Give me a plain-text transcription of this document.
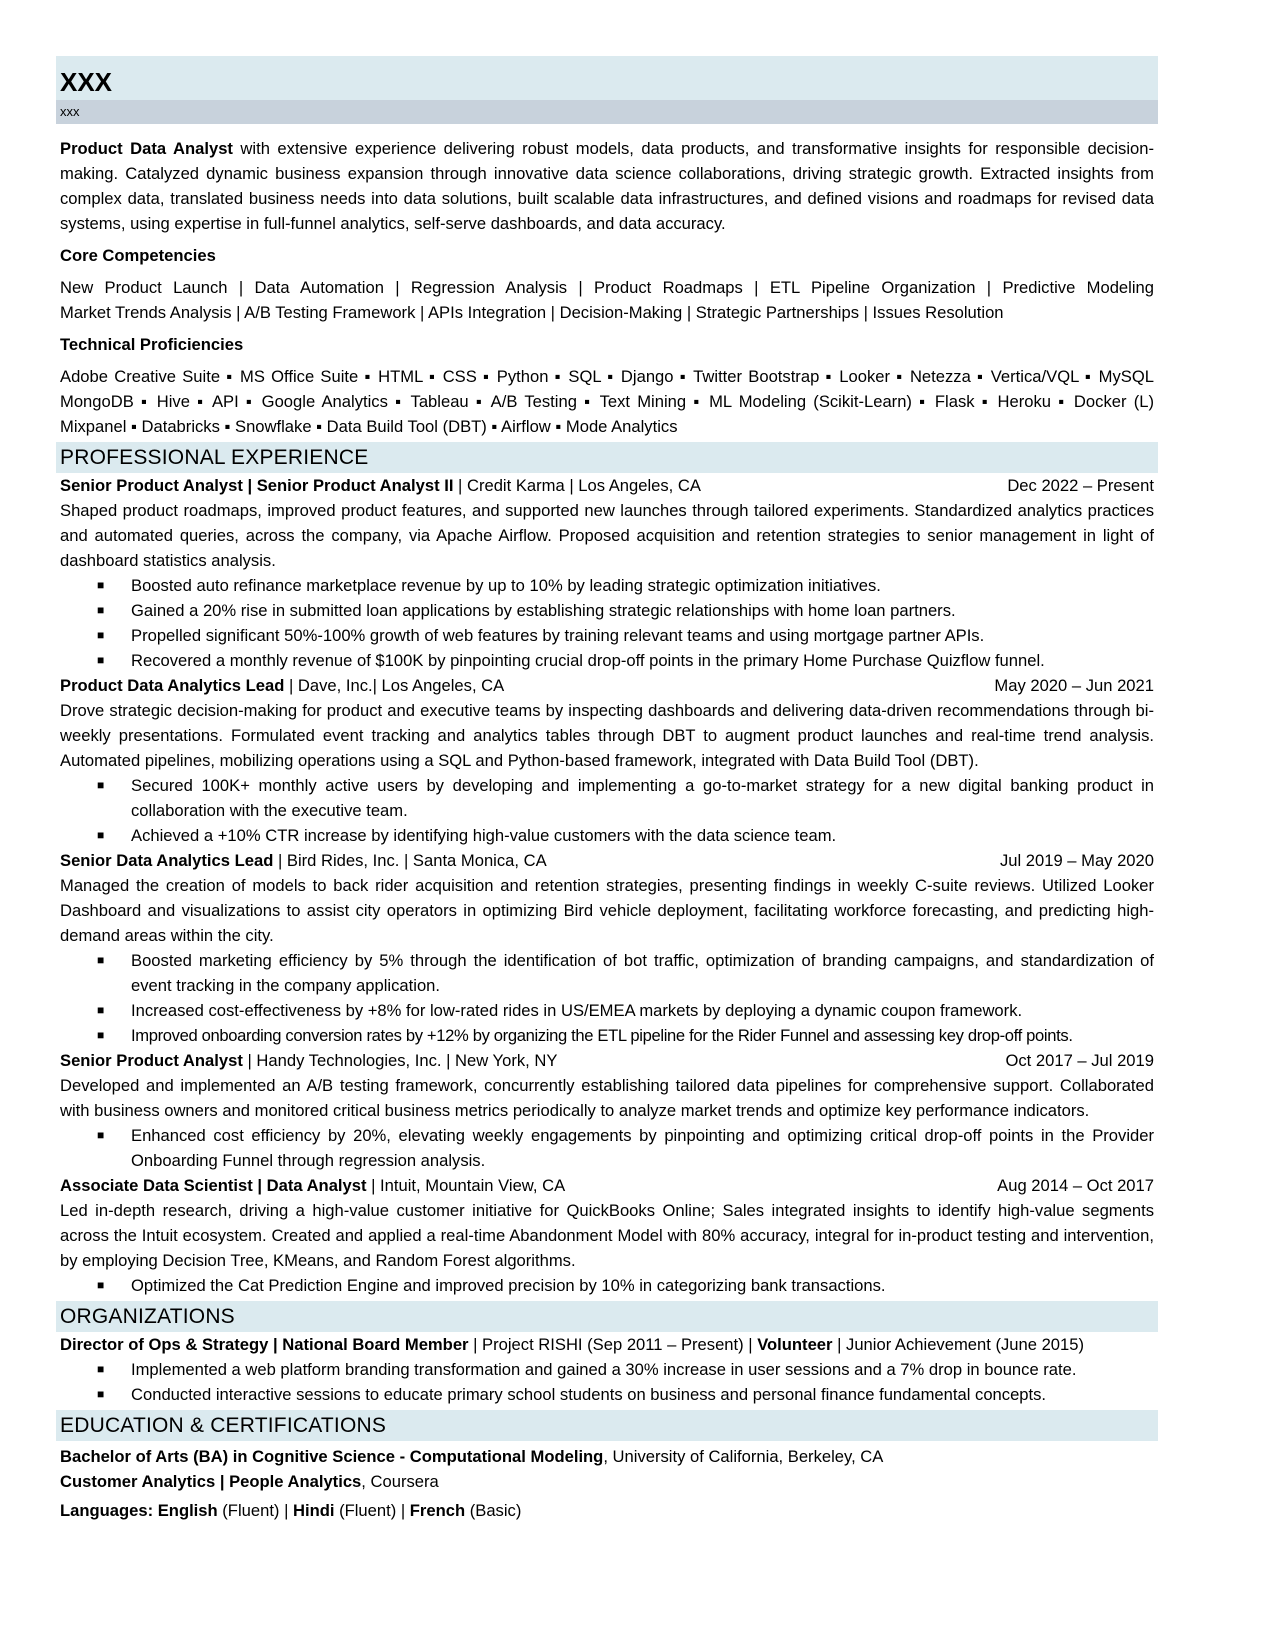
XXX
xxx

Product Data Analyst with extensive experience delivering robust models, data products, and transformative insights for responsible decision-making. Catalyzed dynamic business expansion through innovative data science collaborations, driving strategic growth. Extracted insights from complex data, translated business needs into data solutions, built scalable data infrastructures, and defined visions and roadmaps for revised data systems, using expertise in full-funnel analytics, self-serve dashboards, and data accuracy.

Core Competencies

New Product Launch | Data Automation | Regression Analysis | Product Roadmaps | ETL Pipeline Organization | Predictive Modeling

Market Trends Analysis | A/B Testing Framework | APIs Integration | Decision-Making | Strategic Partnerships | Issues Resolution

Technical Proficiencies

Adobe Creative Suite ▪ MS Office Suite ▪ HTML ▪ CSS ▪ Python ▪ SQL ▪ Django ▪ Twitter Bootstrap ▪ Looker ▪ Netezza ▪ Vertica/VQL ▪ MySQL

MongoDB ▪ Hive ▪ API ▪ Google Analytics ▪ Tableau ▪ A/B Testing ▪ Text Mining ▪ ML Modeling (Scikit-Learn) ▪ Flask ▪ Heroku ▪ Docker (L)

Mixpanel ▪ Databricks ▪ Snowflake ▪ Data Build Tool (DBT) ▪ Airflow ▪ Mode Analytics

PROFESSIONAL EXPERIENCE
Senior Product Analyst | Senior Product Analyst II | Credit Karma | Los Angeles, CA	Dec 2022 – Present

Shaped product roadmaps, improved product features, and supported new launches through tailored experiments. Standardized analytics practices and automated queries, across the company, via Apache Airflow. Proposed acquisition and retention strategies to senior management in light of dashboard statistics analysis.

■ Boosted auto refinance marketplace revenue by up to 10% by leading strategic optimization initiatives.
■ Gained a 20% rise in submitted loan applications by establishing strategic relationships with home loan partners.
■ Propelled significant 50%-100% growth of web features by training relevant teams and using mortgage partner APIs.
■ Recovered a monthly revenue of $100K by pinpointing crucial drop-off points in the primary Home Purchase Quizflow funnel.
Product Data Analytics Lead | Dave, Inc.| Los Angeles, CA	May 2020 – Jun 2021

Drove strategic decision-making for product and executive teams by inspecting dashboards and delivering data-driven recommendations through bi-weekly presentations. Formulated event tracking and analytics tables through DBT to augment product launches and real-time trend analysis. Automated pipelines, mobilizing operations using a SQL and Python-based framework, integrated with Data Build Tool (DBT).

■ Secured 100K+ monthly active users by developing and implementing a go-to-market strategy for a new digital banking product in collaboration with the executive team.
■ Achieved a +10% CTR increase by identifying high-value customers with the data science team.
Senior Data Analytics Lead | Bird Rides, Inc. | Santa Monica, CA	Jul 2019 – May 2020

Managed the creation of models to back rider acquisition and retention strategies, presenting findings in weekly C-suite reviews. Utilized Looker Dashboard and visualizations to assist city operators in optimizing Bird vehicle deployment, facilitating workforce forecasting, and predicting high-demand areas within the city.

■ Boosted marketing efficiency by 5% through the identification of bot traffic, optimization of branding campaigns, and standardization of event tracking in the company application.
■ Increased cost-effectiveness by +8% for low-rated rides in US/EMEA markets by deploying a dynamic coupon framework.
■ Improved onboarding conversion rates by +12% by organizing the ETL pipeline for the Rider Funnel and assessing key drop-off points.
Senior Product Analyst | Handy Technologies, Inc. | New York, NY	Oct 2017 – Jul 2019

Developed and implemented an A/B testing framework, concurrently establishing tailored data pipelines for comprehensive support. Collaborated with business owners and monitored critical business metrics periodically to analyze market trends and optimize key performance indicators.

■ Enhanced cost efficiency by 20%, elevating weekly engagements by pinpointing and optimizing critical drop-off points in the Provider Onboarding Funnel through regression analysis.
Associate Data Scientist | Data Analyst | Intuit, Mountain View, CA	Aug 2014 – Oct 2017

Led in-depth research, driving a high-value customer initiative for QuickBooks Online; Sales integrated insights to identify high-value segments across the Intuit ecosystem. Created and applied a real-time Abandonment Model with 80% accuracy, integral for in-product testing and intervention, by employing Decision Tree, KMeans, and Random Forest algorithms.

■ Optimized the Cat Prediction Engine and improved precision by 10% in categorizing bank transactions.
ORGANIZATIONS

Director of Ops & Strategy | National Board Member | Project RISHI (Sep 2011 – Present) | Volunteer | Junior Achievement (June 2015)

■ Implemented a web platform branding transformation and gained a 30% increase in user sessions and a 7% drop in bounce rate.
■ Conducted interactive sessions to educate primary school students on business and personal finance fundamental concepts.
EDUCATION & CERTIFICATIONS

Bachelor of Arts (BA) in Cognitive Science - Computational Modeling, University of California, Berkeley, CA

Customer Analytics | People Analytics, Coursera

Languages: English (Fluent) | Hindi (Fluent) | French (Basic)
